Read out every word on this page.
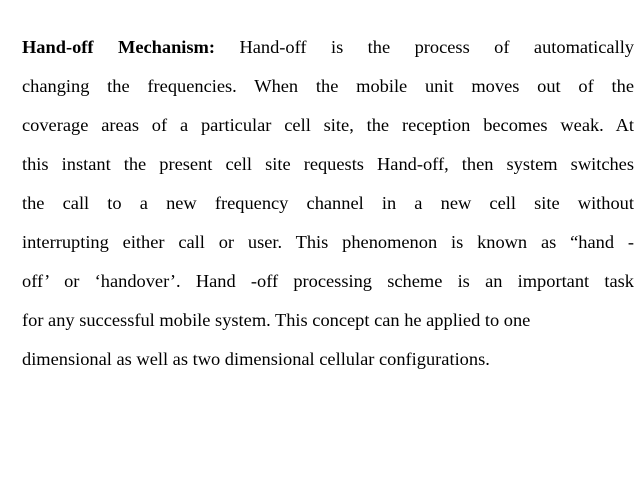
Hand-off Mechanism: Hand-off is the process of automatically
changing the frequencies. When the mobile unit moves out of the
coverage areas of a particular cell site, the reception becomes weak. At
this instant the present cell site requests Hand-off, then system switches
the call to a new frequency channel in a new cell site without
interrupting either call or user. This phenomenon is known as “hand -
off’ or ‘handover’. Hand -off processing scheme is an important task
for any successful mobile system. This concept can he applied to one
dimensional as well as two dimensional cellular configurations.
